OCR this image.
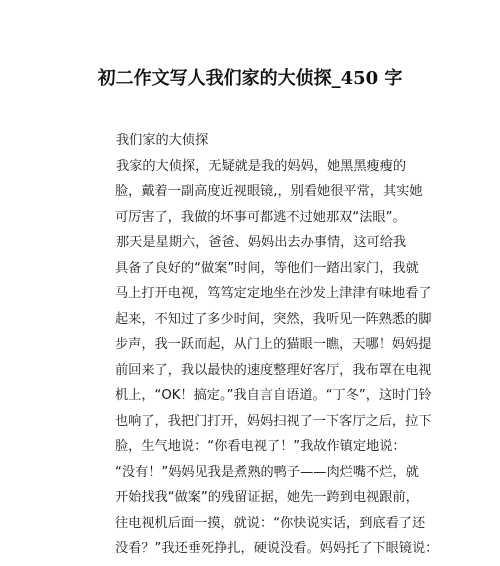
初二作文写人我们家的大侦探_450 字
我们家的大侦探
我家的大侦探，无疑就是我的妈妈，她黑黑瘦瘦的
脸，戴着一副高度近视眼镜,，别看她很平常，其实她
可厉害了，我做的坏事可都逃不过她那双“法眼”。
那天是星期六，爸爸、妈妈出去办事情，这可给我
具备了良好的“做案”时间，等他们一踏出家门，我就
马上打开电视，笃笃定定地坐在沙发上津津有味地看了
起来，不知过了多少时间，突然，我听见一阵熟悉的脚
步声，我一跃而起，从门上的猫眼一瞧，天哪！妈妈提
前回来了，我以最快的速度整理好客厅，我布罩在电视
机上，“OK！搞定。”我自言自语道。“丁冬”，这时门铃
也响了，我把门打开，妈妈扫视了一下客厅之后，拉下
脸，生气地说：“你看电视了！”我故作镇定地说：
“没有！”妈妈见我是煮熟的鸭子——肉烂嘴不烂，就
开始找我“做案”的残留证据，她先一跨到电视跟前，
往电视机后面一摸，就说：“你快说实话，到底看了还
没看？”我还垂死挣扎，硬说没看。妈妈托了下眼镜说：
